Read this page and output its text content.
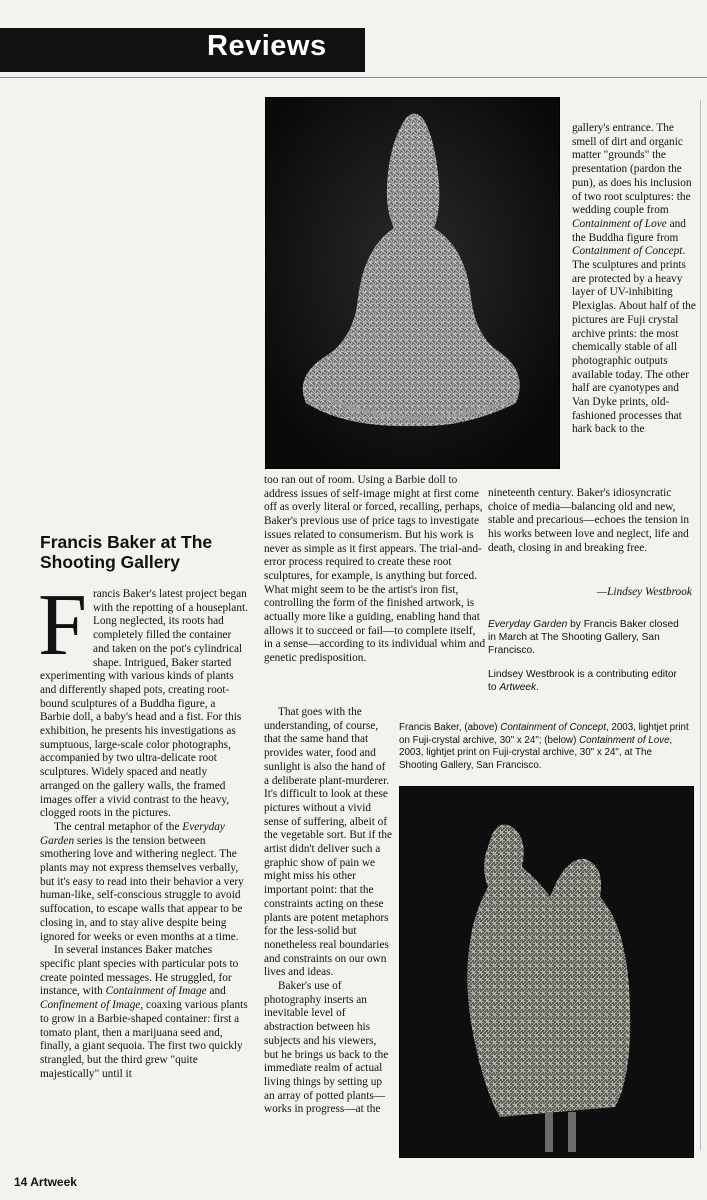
Reviews
Francis Baker at The Shooting Gallery

Francis Baker's latest project began with the repotting of a houseplant. Long neglected, its roots had completely filled the container and taken on the pot's cylindrical shape. Intrigued, Baker started experimenting with various kinds of plants and differently shaped pots, creating root-bound sculptures of a Buddha figure, a Barbie doll, a baby's head and a fist. For this exhibition, he presents his investigations as sumptuous, large-scale color photographs, accompanied by two ultra-delicate root sculptures. Widely spaced and neatly arranged on the gallery walls, the framed images offer a vivid contrast to the heavy, clogged roots in the pictures.

The central metaphor of the Everyday Garden series is the tension between smothering love and withering neglect. The plants may not express themselves verbally, but it's easy to read into their behavior a very human-like, self-conscious struggle to avoid suffocation, to escape walls that appear to be closing in, and to stay alive despite being ignored for weeks or even months at a time.

In several instances Baker matches specific plant species with particular pots to create pointed messages. He struggled, for instance, with Containment of Image and Confinement of Image, coaxing various plants to grow in a Barbie-shaped container: first a tomato plant, then a marijuana seed and, finally, a giant sequoia. The first two quickly strangled, but the third grew "quite majestically" until it

too ran out of room. Using a Barbie doll to address issues of self-image might at first come off as overly literal or forced, recalling, perhaps, Baker's previous use of price tags to investigate issues related to consumerism. But his work is never as simple as it first appears. The trial-and-error process required to create these root sculptures, for example, is anything but forced. What might seem to be the artist's iron fist, controlling the form of the finished artwork, is actually more like a guiding, enabling hand that allows it to succeed or fail—to complete itself, in a sense—according to its individual whim and genetic predisposition.

That goes with the understanding, of course, that the same hand that provides water, food and sunlight is also the hand of a deliberate plant-murderer. It's difficult to look at these pictures without a vivid sense of suffering, albeit of the vegetable sort. But if the artist didn't deliver such a graphic show of pain we might miss his other important point: that the constraints acting on these plants are potent metaphors for the less-solid but nonetheless real boundaries and constraints on our own lives and ideas.

Baker's use of photography inserts an inevitable level of abstraction between his subjects and his viewers, but he brings us back to the immediate realm of actual living things by setting up an array of potted plants—works in progress—at the

gallery's entrance. The smell of dirt and organic matter "grounds" the presentation (pardon the pun), as does his inclusion of two root sculptures: the wedding couple from Containment of Love and the Buddha figure from Containment of Concept. The sculptures and prints are protected by a heavy layer of UV-inhibiting Plexiglas. About half of the pictures are Fuji crystal archive prints: the most chemically stable of all photographic outputs available today. The other half are cyanotypes and Van Dyke prints, old-fashioned processes that hark back to the

nineteenth century. Baker's idiosyncratic choice of media—balancing old and new, stable and precarious—echoes the tension in his works between love and neglect, life and death, closing in and breaking free.

—Lindsey Westbrook
Everyday Garden by Francis Baker closed in March at The Shooting Gallery, San Francisco.
Lindsey Westbrook is a contributing editor to Artweek.
Francis Baker, (above) Containment of Concept, 2003, lightjet print on Fuji-crystal archive, 30" x 24"; (below) Containment of Love, 2003, lightjet print on Fuji-crystal archive, 30" x 24", at The Shooting Gallery, San Francisco.
14 Artweek
